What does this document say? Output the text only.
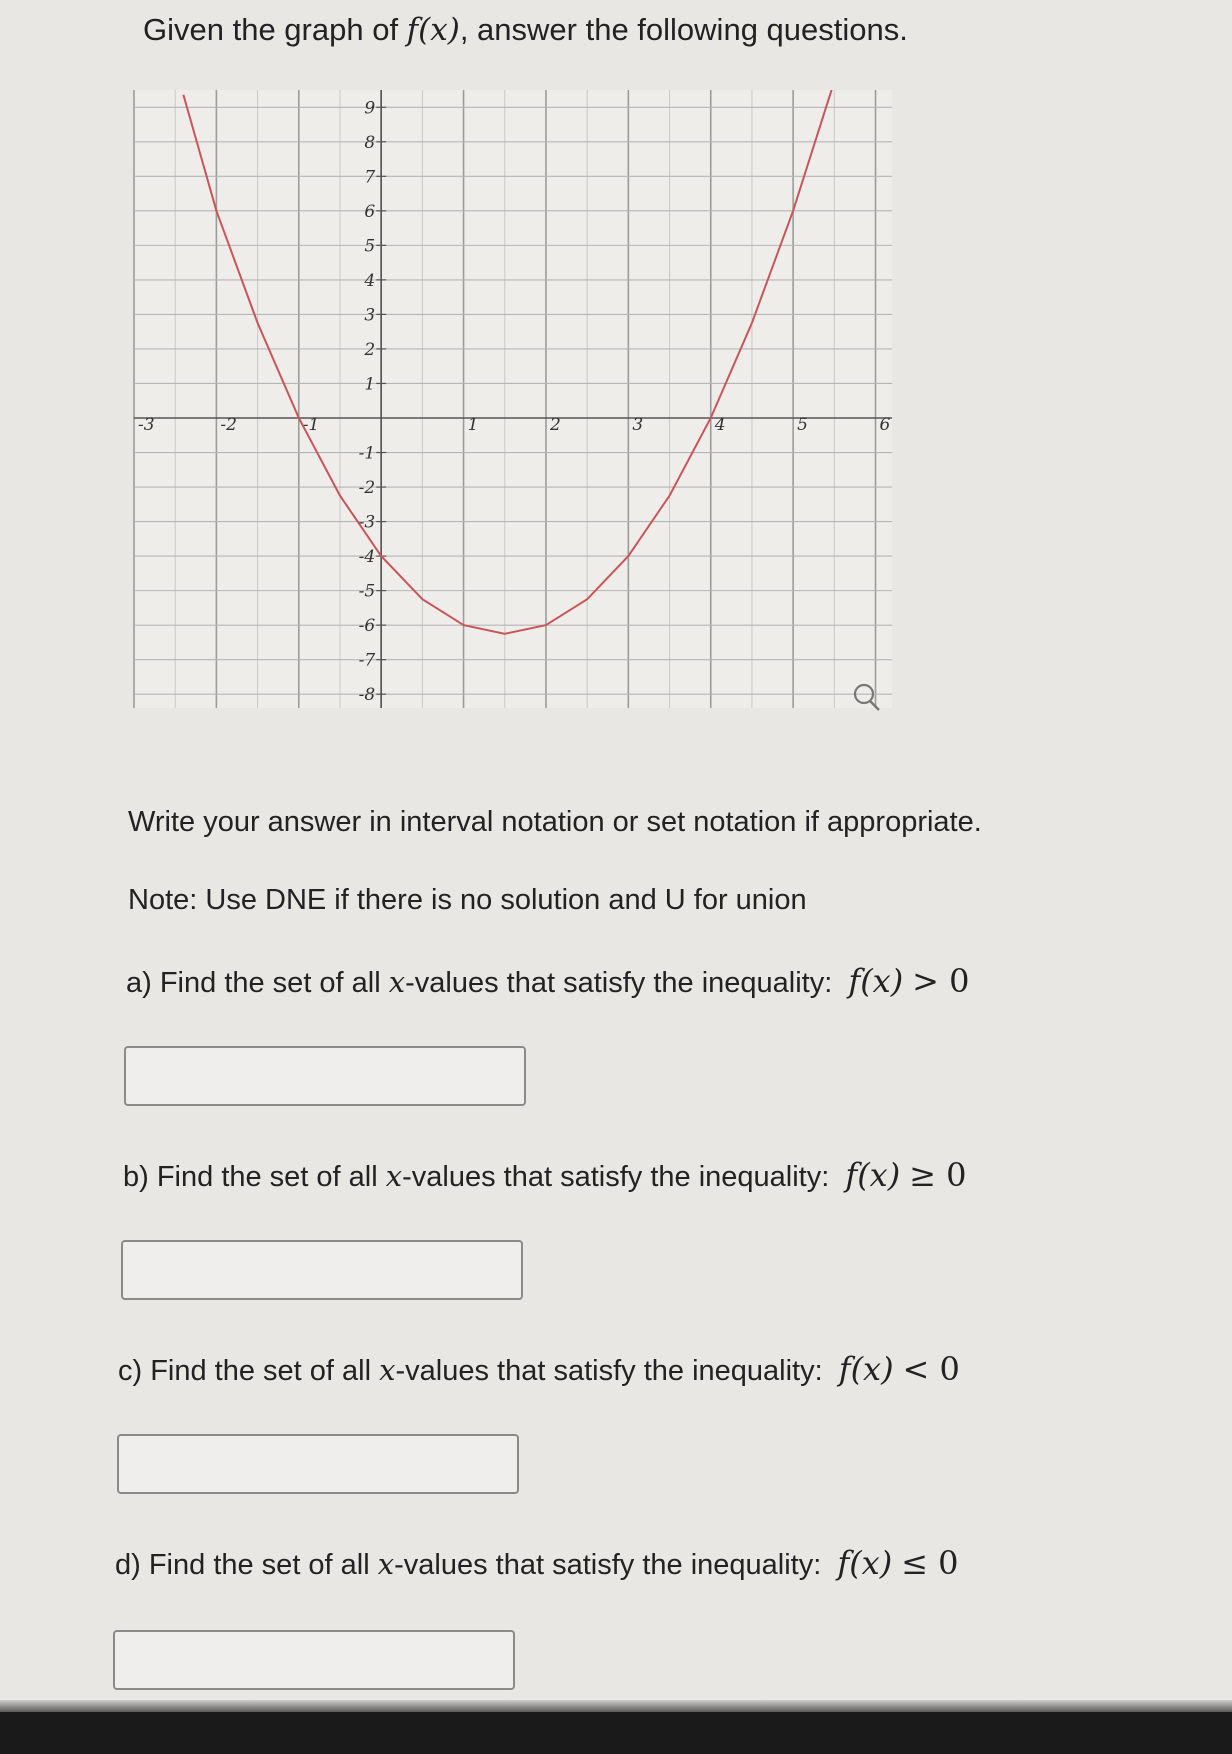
Given the graph of f(x), answer the following questions.
-3	-2	-1	1	2	3	4	5	6
9
8
7
6
5
4
3
2
1
-1
-2
-3
-4
-5
-6
-7
-8
Write your answer in interval notation or set notation if appropriate.
Note: Use DNE if there is no solution and U for union
a) Find the set of all x-values that satisfy the inequality: f(x) > 0
b) Find the set of all x-values that satisfy the inequality: f(x) ≥ 0
c) Find the set of all x-values that satisfy the inequality: f(x) < 0
d) Find the set of all x-values that satisfy the inequality: f(x) ≤ 0
